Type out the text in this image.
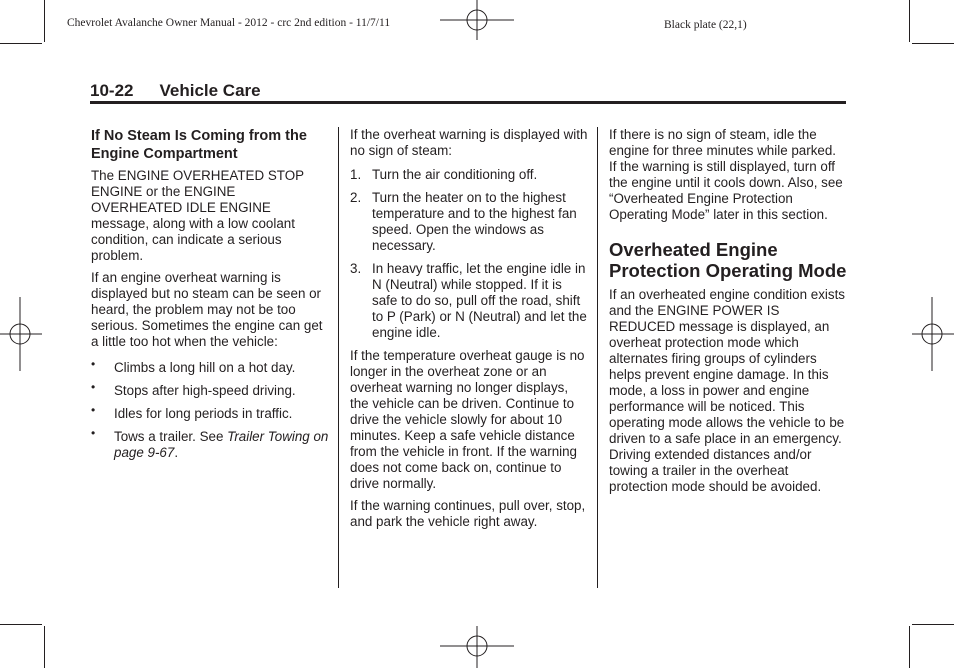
Chevrolet Avalanche Owner Manual - 2012 - crc 2nd edition - 11/7/11	Black plate (22,1)
10-22 Vehicle Care
If No Steam Is Coming from the Engine Compartment

The ENGINE OVERHEATED STOP ENGINE or the ENGINE OVERHEATED IDLE ENGINE message, along with a low coolant condition, can indicate a serious problem.

If an engine overheat warning is displayed but no steam can be seen or heard, the problem may not be too serious. Sometimes the engine can get a little too hot when the vehicle:

• Climbs a long hill on a hot day.
• Stops after high-speed driving.
• Idles for long periods in traffic.
• Tows a trailer. See Trailer Towing on page 9-67.

If the overheat warning is displayed with no sign of steam:

1. Turn the air conditioning off.
2. Turn the heater on to the highest temperature and to the highest fan speed. Open the windows as necessary.
3. In heavy traffic, let the engine idle in N (Neutral) while stopped. If it is safe to do so, pull off the road, shift to P (Park) or N (Neutral) and let the engine idle.

If the temperature overheat gauge is no longer in the overheat zone or an overheat warning no longer displays, the vehicle can be driven. Continue to drive the vehicle slowly for about 10 minutes. Keep a safe vehicle distance from the vehicle in front. If the warning does not come back on, continue to drive normally.

If the warning continues, pull over, stop, and park the vehicle right away.

If there is no sign of steam, idle the engine for three minutes while parked. If the warning is still displayed, turn off the engine until it cools down. Also, see “Overheated Engine Protection Operating Mode” later in this section.

Overheated Engine Protection Operating Mode

If an overheated engine condition exists and the ENGINE POWER IS REDUCED message is displayed, an overheat protection mode which alternates firing groups of cylinders helps prevent engine damage. In this mode, a loss in power and engine performance will be noticed. This operating mode allows the vehicle to be driven to a safe place in an emergency. Driving extended distances and/or towing a trailer in the overheat protection mode should be avoided.
